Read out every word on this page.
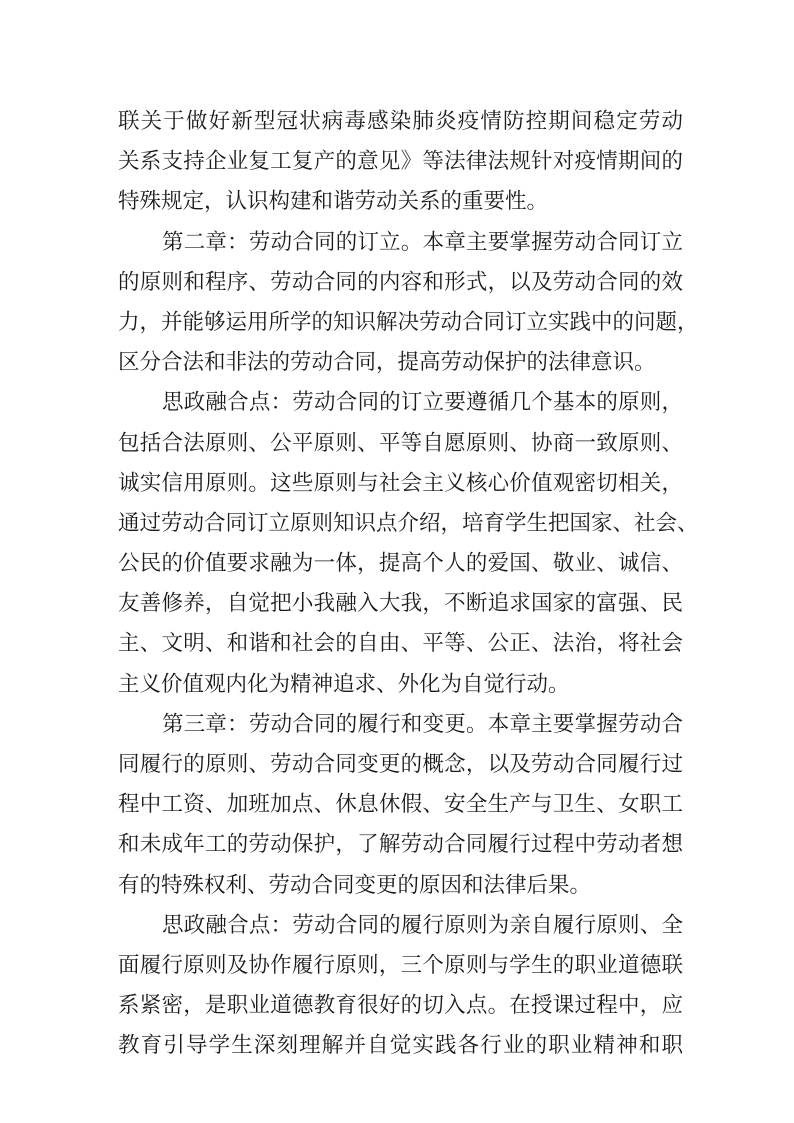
联关于做好新型冠状病毒感染肺炎疫情防控期间稳定劳动
关系支持企业复工复产的意见》等法律法规针对疫情期间的
特殊规定，认识构建和谐劳动关系的重要性。
第二章：劳动合同的订立。本章主要掌握劳动合同订立
的原则和程序、劳动合同的内容和形式，以及劳动合同的效
力，并能够运用所学的知识解决劳动合同订立实践中的问题，
区分合法和非法的劳动合同，提高劳动保护的法律意识。
思政融合点：劳动合同的订立要遵循几个基本的原则，
包括合法原则、公平原则、平等自愿原则、协商一致原则、
诚实信用原则。这些原则与社会主义核心价值观密切相关，
通过劳动合同订立原则知识点介绍，培育学生把国家、社会、
公民的价值要求融为一体，提高个人的爱国、敬业、诚信、
友善修养，自觉把小我融入大我，不断追求国家的富强、民
主、文明、和谐和社会的自由、平等、公正、法治，将社会
主义价值观内化为精神追求、外化为自觉行动。
第三章：劳动合同的履行和变更。本章主要掌握劳动合
同履行的原则、劳动合同变更的概念，以及劳动合同履行过
程中工资、加班加点、休息休假、安全生产与卫生、女职工
和未成年工的劳动保护，了解劳动合同履行过程中劳动者想
有的特殊权利、劳动合同变更的原因和法律后果。
思政融合点：劳动合同的履行原则为亲自履行原则、全
面履行原则及协作履行原则，三个原则与学生的职业道德联
系紧密，是职业道德教育很好的切入点。在授课过程中，应
教育引导学生深刻理解并自觉实践各行业的职业精神和职
